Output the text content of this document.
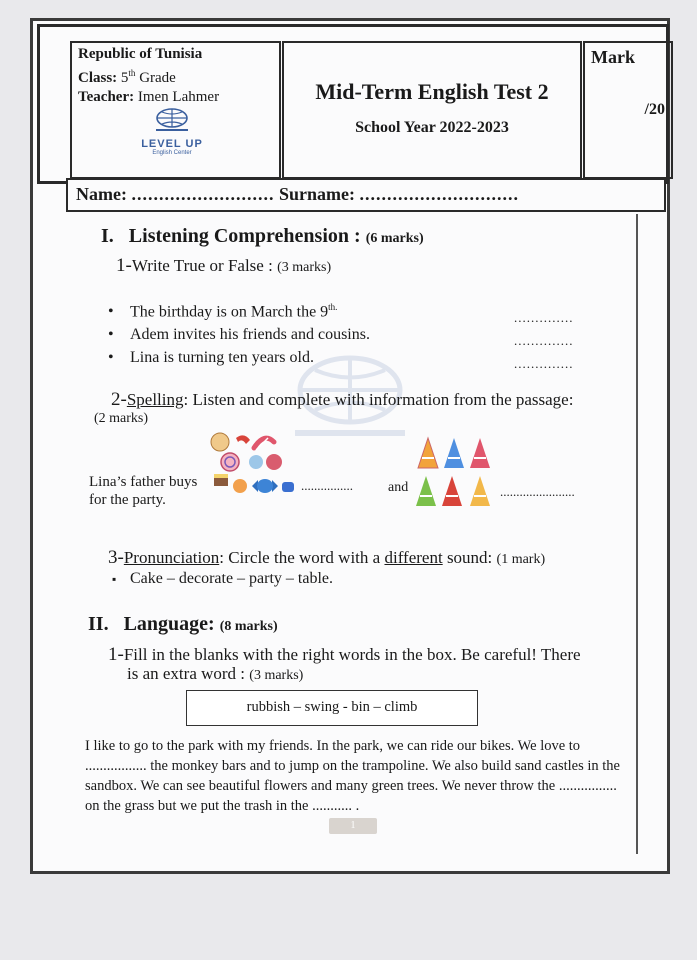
Republic of Tunisia
Class: 5th Grade
Teacher: Imen Lahmer
LEVEL UP
English Center
Mid-Term English Test 2
School Year 2022-2023
Mark
/20
Name: .......................... Surname: .............................
I. Listening Comprehension : (6 marks)
1-Write True or False : (3 marks)
• The birthday is on March the $9^{th.}$
• Adem invites his friends and cousins.
• Lina is turning ten years old.
..............
..............
..............
2-Spelling: Listen and complete with information from the passage:
(2 marks)
Lina’s father buys
for the party.
................	and	.......................
3-Pronunciation: Circle the word with a different sound: (1 mark)
▪ Cake – decorate – party – table.
II. Language: (8 marks)
1-Fill in the blanks with the right words in the box. Be careful! There
is an extra word : (3 marks)
rubbish – swing - bin – climb
I like to go to the park with my friends. In the park, we can ride our bikes. We love to ................. the monkey bars and to jump on the trampoline. We also build sand castles in the sandbox. We can see beautiful flowers and many green trees. We never throw the ................ on the grass but we put the trash in the ........... .
1
